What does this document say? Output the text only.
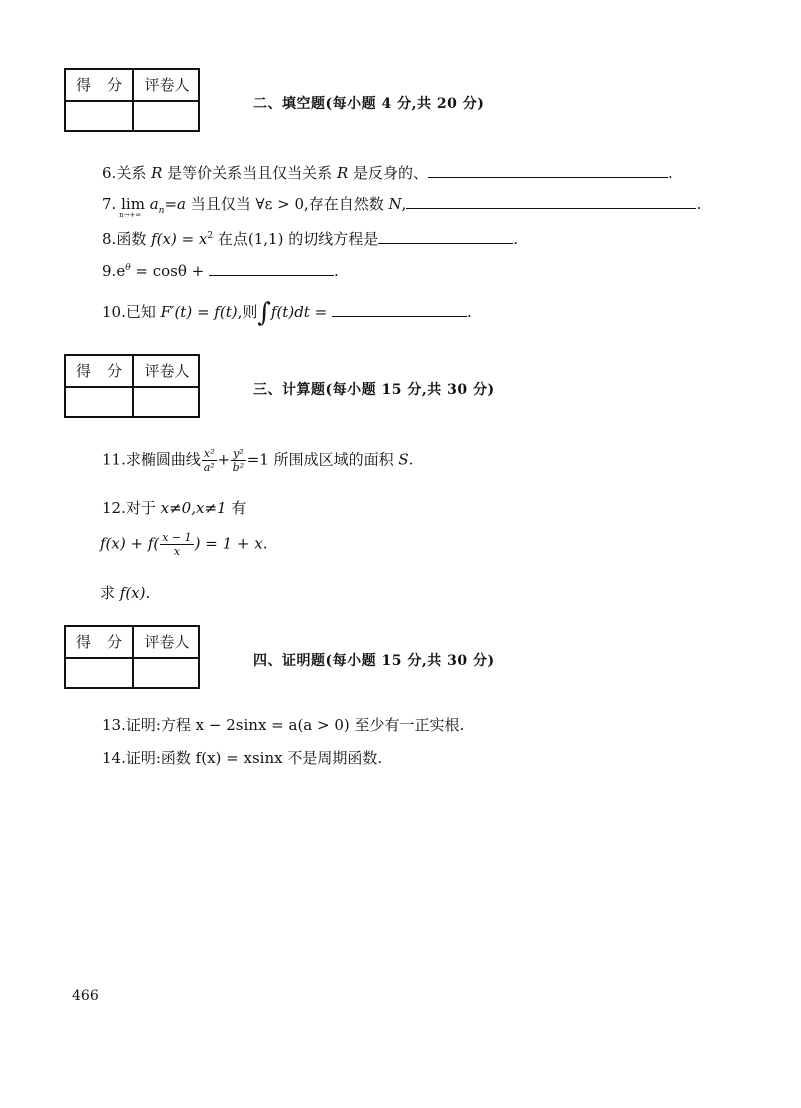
得 分	评卷人
二、填空题(每小题 4 分,共 20 分)
6.关系 R 是等价关系当且仅当关系 R 是反身的、	.
7. lim
n→+∞
$a_n=a$ 当且仅当 ∀ε > 0,存在自然数 N,	.
8.函数 $f(x) = x^2$ 在点(1,1) 的切线方程是	.
$9.e^\theta = \cos\theta$ +	.
10.已知 F′(t) = f(t),则∫f(t)dt =	.
得 分	评卷人
三、计算题(每小题 15 分,共 30 分)
11.求椭圆曲线 $\frac{\text{x²}}{\text{a²}} + \frac{\text{y²}}{\text{b²}} =1$ 所围成区域的面积 S.
12.对于 x≠0,x≠1 有
$f(x) + f( \frac{x - 1}{x}$ ) = 1 + x.
求 f(x).
得 分	评卷人
四、证明题(每小题 15 分,共 30 分)
13.证明:方程 x − 2sinx = a(a > 0) 至少有一正实根.
14.证明:函数 f(x) = xsinx 不是周期函数.
466
